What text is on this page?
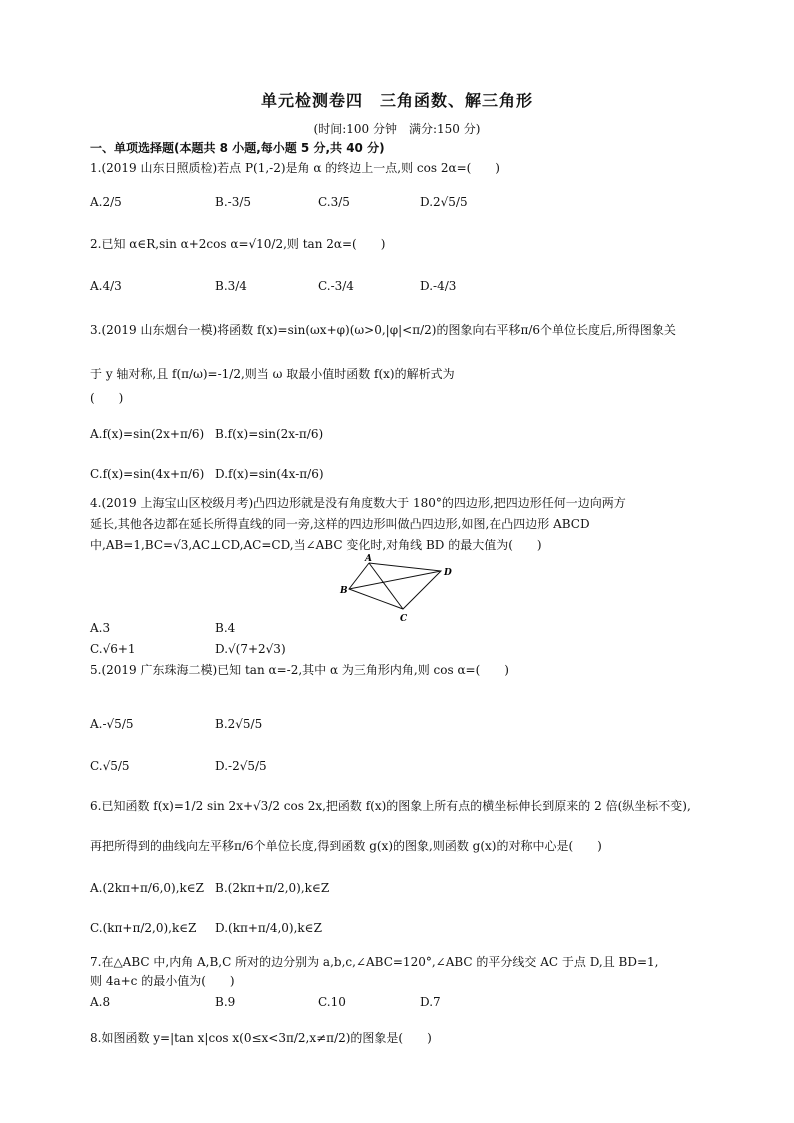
单元检测卷四　三角函数、解三角形
(时间:100 分钟　满分:150 分)
一、单项选择题(本题共 8 小题,每小题 5 分,共 40 分)
1.(2019 山东日照质检)若点 P(1,-2)是角 α 的终边上一点,则 cos 2α=(　　)
A.2/5	B.-3/5	C.3/5	D.2√5/5
2.已知 α∈R,sin α+2cos α=√10/2,则 tan 2α=(　　)
A.4/3	B.3/4	C.-3/4	D.-4/3
3.(2019 山东烟台一模)将函数 f(x)=sin(ωx+φ)(ω>0,|φ|<π/2)的图象向右平移π/6个单位长度后,所得图象关
于 y 轴对称,且 f(π/ω)=-1/2,则当 ω 取最小值时函数 f(x)的解析式为
(　　)
A.f(x)=sin(2x+π/6) B.f(x)=sin(2x-π/6)
C.f(x)=sin(4x+π/6) D.f(x)=sin(4x-π/6)
4.(2019 上海宝山区校级月考)凸四边形就是没有角度数大于 180°的四边形,把四边形任何一边向两方
延长,其他各边都在延长所得直线的同一旁,这样的四边形叫做凸四边形,如图,在凸四边形 ABCD
中,AB=1,BC=√3,AC⊥CD,AC=CD,当∠ABC 变化时,对角线 BD 的最大值为(　　)
A
B
C
D
A.3	B.4
C.√6+1	D.√(7+2√3)
5.(2019 广东珠海二模)已知 tan α=-2,其中 α 为三角形内角,则 cos α=(　　)
A.-√5/5	B.2√5/5
C.√5/5	D.-2√5/5
6.已知函数 f(x)=1/2 sin 2x+√3/2 cos 2x,把函数 f(x)的图象上所有点的横坐标伸长到原来的 2 倍(纵坐标不变),
再把所得到的曲线向左平移π/6个单位长度,得到函数 g(x)的图象,则函数 g(x)的对称中心是(　　)
A.(2kπ+π/6,0),k∈Z B.(2kπ+π/2,0),k∈Z
C.(kπ+π/2,0),k∈Z D.(kπ+π/4,0),k∈Z
7.在△ABC 中,内角 A,B,C 所对的边分别为 a,b,c,∠ABC=120°,∠ABC 的平分线交 AC 于点 D,且 BD=1,
则 4a+c 的最小值为(　　)
A.8	B.9	C.10	D.7
8.如图函数 y=|tan x|cos x(0≤x<3π/2,x≠π/2)的图象是(　　)
